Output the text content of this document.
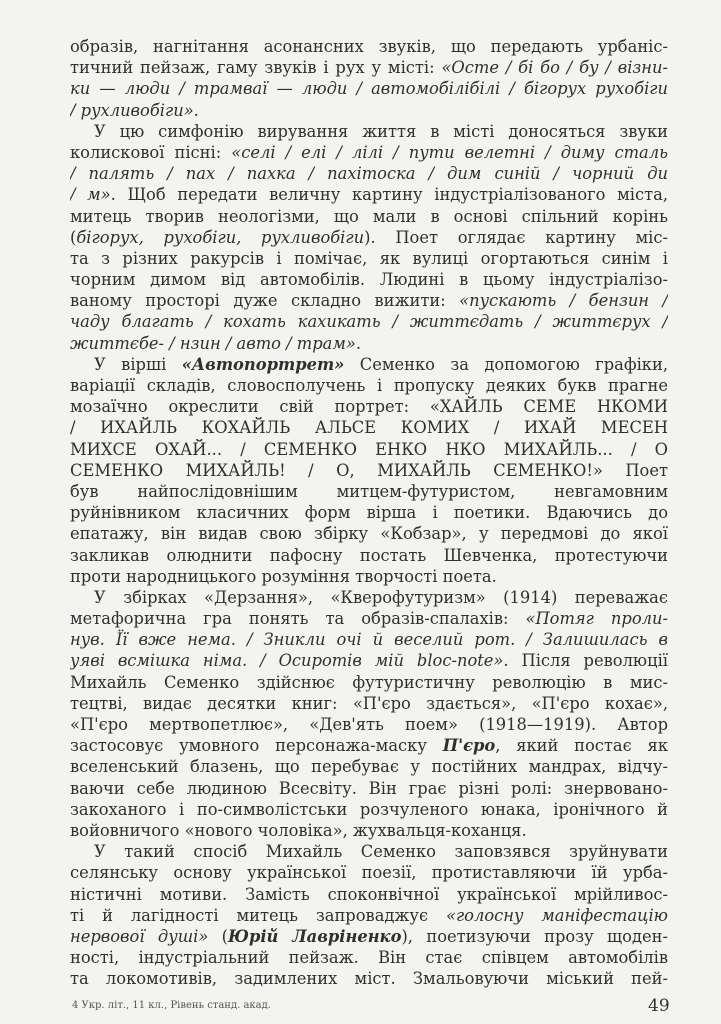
образів, нагнітання асонансних звуків, що передають урбаніс-
тичний пейзаж, гаму звуків і рух у місті: «Осте / бі бо / бу / візни-
ки — люди / трамваї — люди / автомобілібілі / бігорух рухобіги
/ рухливобіги».
У цю симфонію вирування життя в місті доносяться звуки
колискової пісні: «селі / елі / лілі / пути велетні / диму сталь
/ палять / пах / пахка / пахітоска / дим синій / чорний ди
/ м». Щоб передати величну картину індустріалізованого міста,
митець творив неологізми, що мали в основі спільний корінь
(бігорух, рухобіги, рухливобіги). Поет оглядає картину міс-
та з різних ракурсів і помічає, як вулиці огортаються синім і
чорним димом від автомобілів. Людині в цьому індустріалізо-
ваному просторі дуже складно вижити: «пускають / бензин /
чаду благать / кохать кахикать / життєдать / життєрух /
життєбе- / нзин / авто / трам».
У вірші «Автопортрет» Семенко за допомогою графіки,
варіації складів, словосполучень і пропуску деяких букв прагне
мозаїчно окреслити свій портрет: «ХАЙЛЬ СЕМЕ НКОМИ
/ ИХАЙЛЬ КОХАЙЛЬ АЛЬСЕ КОМИХ / ИХАЙ МЕСЕН
МИХСЕ ОХАЙ... / СЕМЕНКО ЕНКО НКО МИХАЙЛЬ... / О
СЕМЕНКО МИХАЙЛЬ! / О, МИХАЙЛЬ СЕМЕНКО!» Поет
був найпослідовнішим митцем-футуристом, невгамовним
руйнівником класичних форм вірша і поетики. Вдаючись до
епатажу, він видав свою збірку «Кобзар», у передмові до якої
закликав олюднити пафосну постать Шевченка, протестуючи
проти народницького розуміння творчості поета.
У збірках «Дерзання», «Кверофутуризм» (1914) переважає
метафорична гра понять та образів-спалахів: «Потяг проли-
нув. Її вже нема. / Зникли очі й веселий рот. / Залишилась в
уяві всмішка німа. / Осиротів мій bloc-note». Після революції
Михайль Семенко здійснює футуристичну революцію в мис-
тецтві, видає десятки книг: «П'єро здається», «П'єро кохає»,
«П'єро мертвопетлює», «Дев'ять поем» (1918—1919). Автор
застосовує умовного персонажа-маску П'єро, який постає як
вселенський блазень, що перебуває у постійних мандрах, відчу-
ваючи себе людиною Всесвіту. Він грає різні ролі: знервовано-
закоханого і по-символістськи розчуленого юнака, іронічного й
войовничого «нового чоловіка», жухвальця-коханця.
У такий спосіб Михайль Семенко заповзявся зруйнувати
селянську основу української поезії, протиставляючи їй урба-
ністичні мотиви. Замість споконвічної української мрійливос-
ті й лагідності митець запроваджує «голосну маніфестацію
нервової душі» (Юрій Лавріненко), поетизуючи прозу щоден-
ності, індустріальний пейзаж. Він стає співцем автомобілів
та локомотивів, задимлених міст. Змальовуючи міський пей-
4 Укр. літ., 11 кл., Рівень станд. акад.	49
